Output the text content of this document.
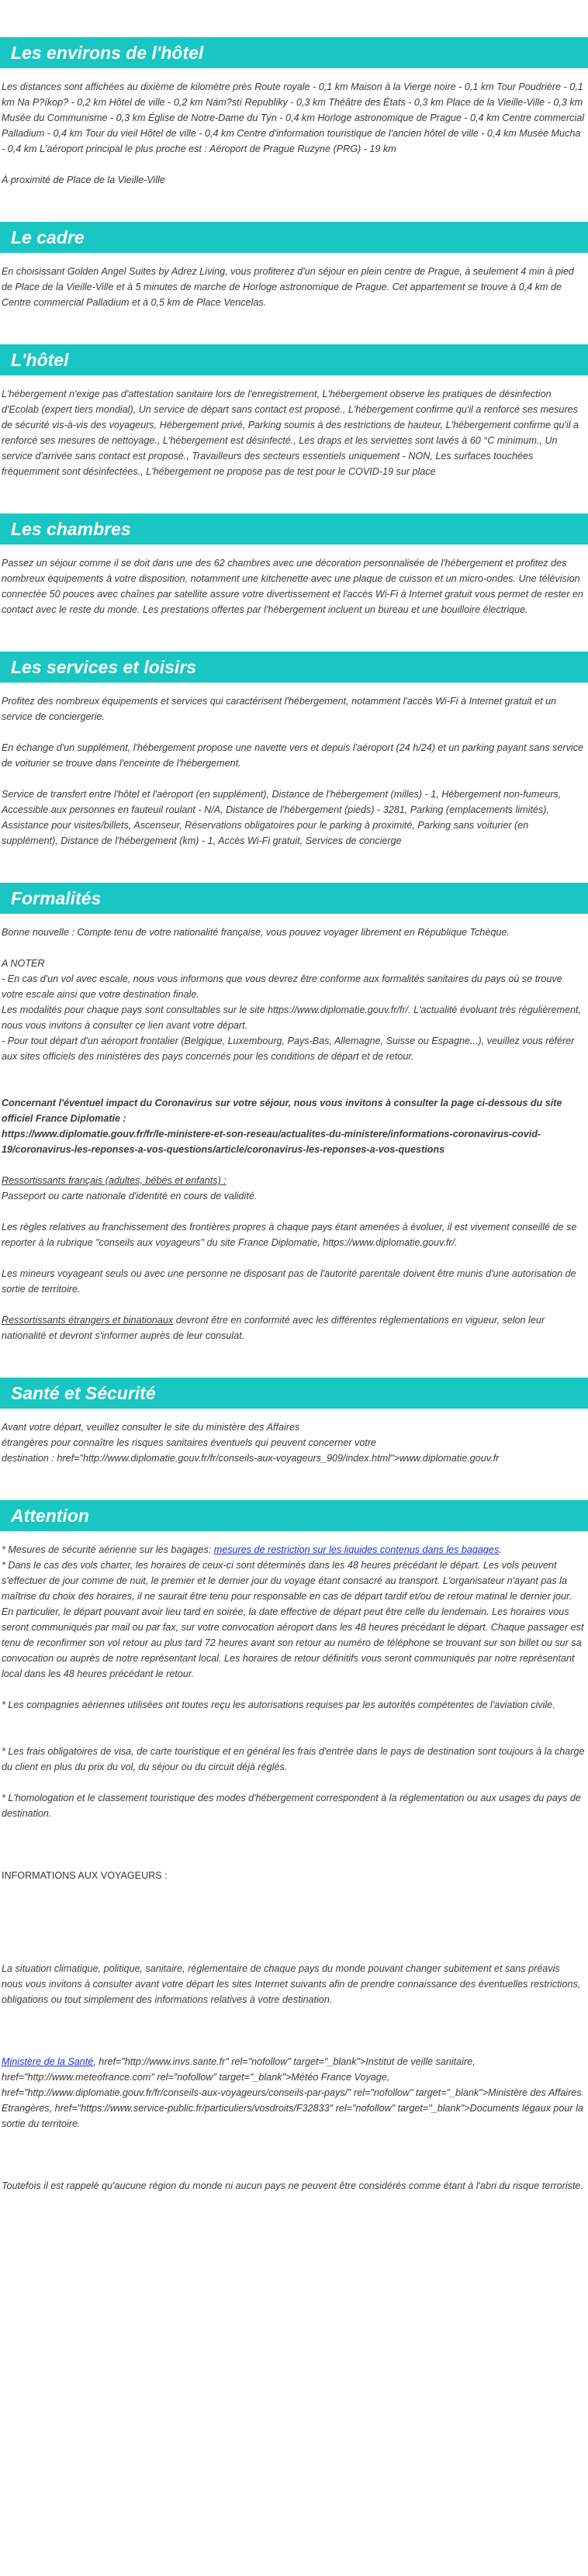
Les environs de l'hôtel

Les distances sont affichées au dixième de kilomètre près Route royale - 0,1 km Maison à la Vierge noire - 0,1 km Tour Poudrière - 0,1 km Na P?íkop? - 0,2 km Hôtel de ville - 0,2 km Nám?stí Republiky - 0,3 km Théâtre des États - 0,3 km Place de la Vieille-Ville - 0,3 km Musée du Communisme - 0,3 km Église de Notre-Dame du Týn - 0,4 km Horloge astronomique de Prague - 0,4 km Centre commercial Palladium - 0,4 km Tour du vieil Hôtel de ville - 0,4 km Centre d'information touristique de l'ancien hôtel de ville - 0,4 km Musée Mucha - 0,4 km L'aéroport principal le plus proche est : Aéroport de Prague Ruzyne (PRG) - 19 km

À proximité de Place de la Vieille-Ville

Le cadre

En choisissant Golden Angel Suites by Adrez Living, vous profiterez d'un séjour en plein centre de Prague, à seulement 4 min à pied de Place de la Vieille-Ville et à 5 minutes de marche de Horloge astronomique de Prague. Cet appartement se trouve à 0,4 km de Centre commercial Palladium et à 0,5 km de Place Vencelas.

L'hôtel

L'hébergement n'exige pas d'attestation sanitaire lors de l'enregistrement, L'hébergement observe les pratiques de désinfection d'Ecolab (expert tiers mondial), Un service de départ sans contact est proposé., L'hébergement confirme qu'il a renforcé ses mesures de sécurité vis-à-vis des voyageurs, Hébergement privé, Parking soumis à des restrictions de hauteur, L'hébergement confirme qu'il a renforcé ses mesures de nettoyage., L'hébergement est désinfecté., Les draps et les serviettes sont lavés à 60 °C minimum., Un service d'arrivée sans contact est proposé., Travailleurs des secteurs essentiels uniquement - NON, Les surfaces touchées fréquemment sont désinfectées., L'hébergement ne propose pas de test pour le COVID-19 sur place

Les chambres

Passez un séjour comme il se doit dans une des 62 chambres avec une décoration personnalisée de l'hébergement et profitez des nombreux équipements à votre disposition, notamment une kitchenette avec une plaque de cuisson et un micro-ondes. Une télévision connectée 50 pouces avec chaînes par satellite assure votre divertissement et l'accès Wi-Fi à Internet gratuit vous permet de rester en contact avec le reste du monde. Les prestations offertes par l'hébergement incluent un bureau et une bouilloire électrique.

Les services et loisirs

Profitez des nombreux équipements et services qui caractérisent l'hébergement, notamment l'accès Wi-Fi à Internet gratuit et un service de conciergerie.

En échange d'un supplément, l'hébergement propose une navette vers et depuis l'aéroport (24 h/24) et un parking payant sans service de voiturier se trouve dans l'enceinte de l'hébergement.

Service de transfert entre l'hôtel et l'aéroport (en supplément), Distance de l'hébergement (milles) - 1, Hébergement non-fumeurs, Accessible aux personnes en fauteuil roulant - N/A, Distance de l'hébergement (pieds) - 3281, Parking (emplacements limités), Assistance pour visites/billets, Ascenseur, Réservations obligatoires pour le parking à proximité, Parking sans voiturier (en supplément), Distance de l'hébergement (km) - 1, Accès Wi-Fi gratuit, Services de concierge

Formalités

Bonne nouvelle : Compte tenu de votre nationalité française, vous pouvez voyager librement en République Tchèque.

A NOTER
- En cas d'un vol avec escale, nous vous informons que vous devrez être conforme aux formalités sanitaires du pays où se trouve votre escale ainsi que votre destination finale.
Les modalités pour chaque pays sont consultables sur le site https://www.diplomatie.gouv.fr/fr/. L'actualité évoluant très régulièrement, nous vous invitons à consulter ce lien avant votre départ.
- Pour tout départ d'un aéroport frontalier (Belgique, Luxembourg, Pays-Bas, Allemagne, Suisse ou Espagne...), veuillez vous référer aux sites officiels des ministères des pays concernés pour les conditions de départ et de retour.

Concernant l'éventuel impact du Coronavirus sur votre séjour, nous vous invitons à consulter la page ci-dessous du site officiel France Diplomatie :
https://www.diplomatie.gouv.fr/fr/le-ministere-et-son-reseau/actualites-du-ministere/informations-coronavirus-covid-19/coronavirus-les-reponses-a-vos-questions/article/coronavirus-les-reponses-a-vos-questions

Ressortissants français (adultes, bébés et enfants) :

Passeport ou carte nationale d'identité en cours de validité.

Les règles relatives au franchissement des frontières propres à chaque pays étant amenées à évoluer, il est vivement conseillé de se reporter à la rubrique "conseils aux voyageurs" du site France Diplomatie, https://www.diplomatie.gouv.fr/.

Les mineurs voyageant seuls ou avec une personne ne disposant pas de l'autorité parentale doivent être munis d'une autorisation de sortie de territoire.

Ressortissants étrangers et binationaux devront être en conformité avec les différentes réglementations en vigueur, selon leur nationalité et devront s'informer auprès de leur consulat.

Santé et Sécurité

Avant votre départ, veuillez consulter le site du ministère des Affaires
étrangères pour connaître les risques sanitaires éventuels qui peuvent concerner votre
destination : href="http://www.diplomatie.gouv.fr/fr/conseils-aux-voyageurs_909/index.html">www.diplomatie.gouv.fr

Attention

* Mesures de sécurité aérienne sur les bagages: mesures de restriction sur les liquides contenus dans les bagages.

* Dans le cas des vols charter, les horaires de ceux-ci sont déterminés dans les 48 heures précédant le départ. Les vols peuvent s'effectuer de jour comme de nuit, le premier et le dernier jour du voyage étant consacré au transport. L'organisateur n'ayant pas la maîtrise du choix des horaires, il ne saurait être tenu pour responsable en cas de départ tardif et/ou de retour matinal le dernier jour. En particulier, le départ pouvant avoir lieu tard en soirée, la date effective de départ peut être celle du lendemain. Les horaires vous seront communiqués par mail ou par fax, sur votre convocation aéroport dans les 48 heures précédant le départ. Chaque passager est tenu de reconfirmer son vol retour au plus tard 72 heures avant son retour au numéro de téléphone se trouvant sur son billet ou sur sa convocation ou auprès de notre représentant local. Les horaires de retour définitifs vous seront communiqués par notre représentant local dans les 48 heures précédant le retour.

* Les compagnies aériennes utilisées ont toutes reçu les autorisations requises par les autorités compétentes de l'aviation civile.

* Les frais obligatoires de visa, de carte touristique et en général les frais d'entrée dans le pays de destination sont toujours à la charge du client en plus du prix du vol, du séjour ou du circuit déjà réglés.

* L'homologation et le classement touristique des modes d'hébergement correspondent à la réglementation ou aux usages du pays de destination.

INFORMATIONS AUX VOYAGEURS :

La situation climatique, politique, sanitaire, réglementaire de chaque pays du monde pouvant changer subitement et sans préavis
nous vous invitons à consulter avant votre départ les sites Internet suivants afin de prendre connaissance des éventuelles restrictions, obligations ou tout simplement des informations relatives à votre destination.

Ministère de la Santé, href="http://www.invs.sante.fr" rel="nofollow" target="_blank">Institut de veille sanitaire, href="http://www.meteofrance.com" rel="nofollow" target="_blank">Météo France Voyage, href="http://www.diplomatie.gouv.fr/fr/conseils-aux-voyageurs/conseils-par-pays/" rel="nofollow" target="_blank">Ministère des Affaires Etrangères, href="https://www.service-public.fr/particuliers/vosdroits/F32833" rel="nofollow" target="_blank">Documents légaux pour la sortie du territoire.

Toutefois il est rappelé qu'aucune région du monde ni aucun pays ne peuvent être considérés comme étant à l'abri du risque terroriste.
